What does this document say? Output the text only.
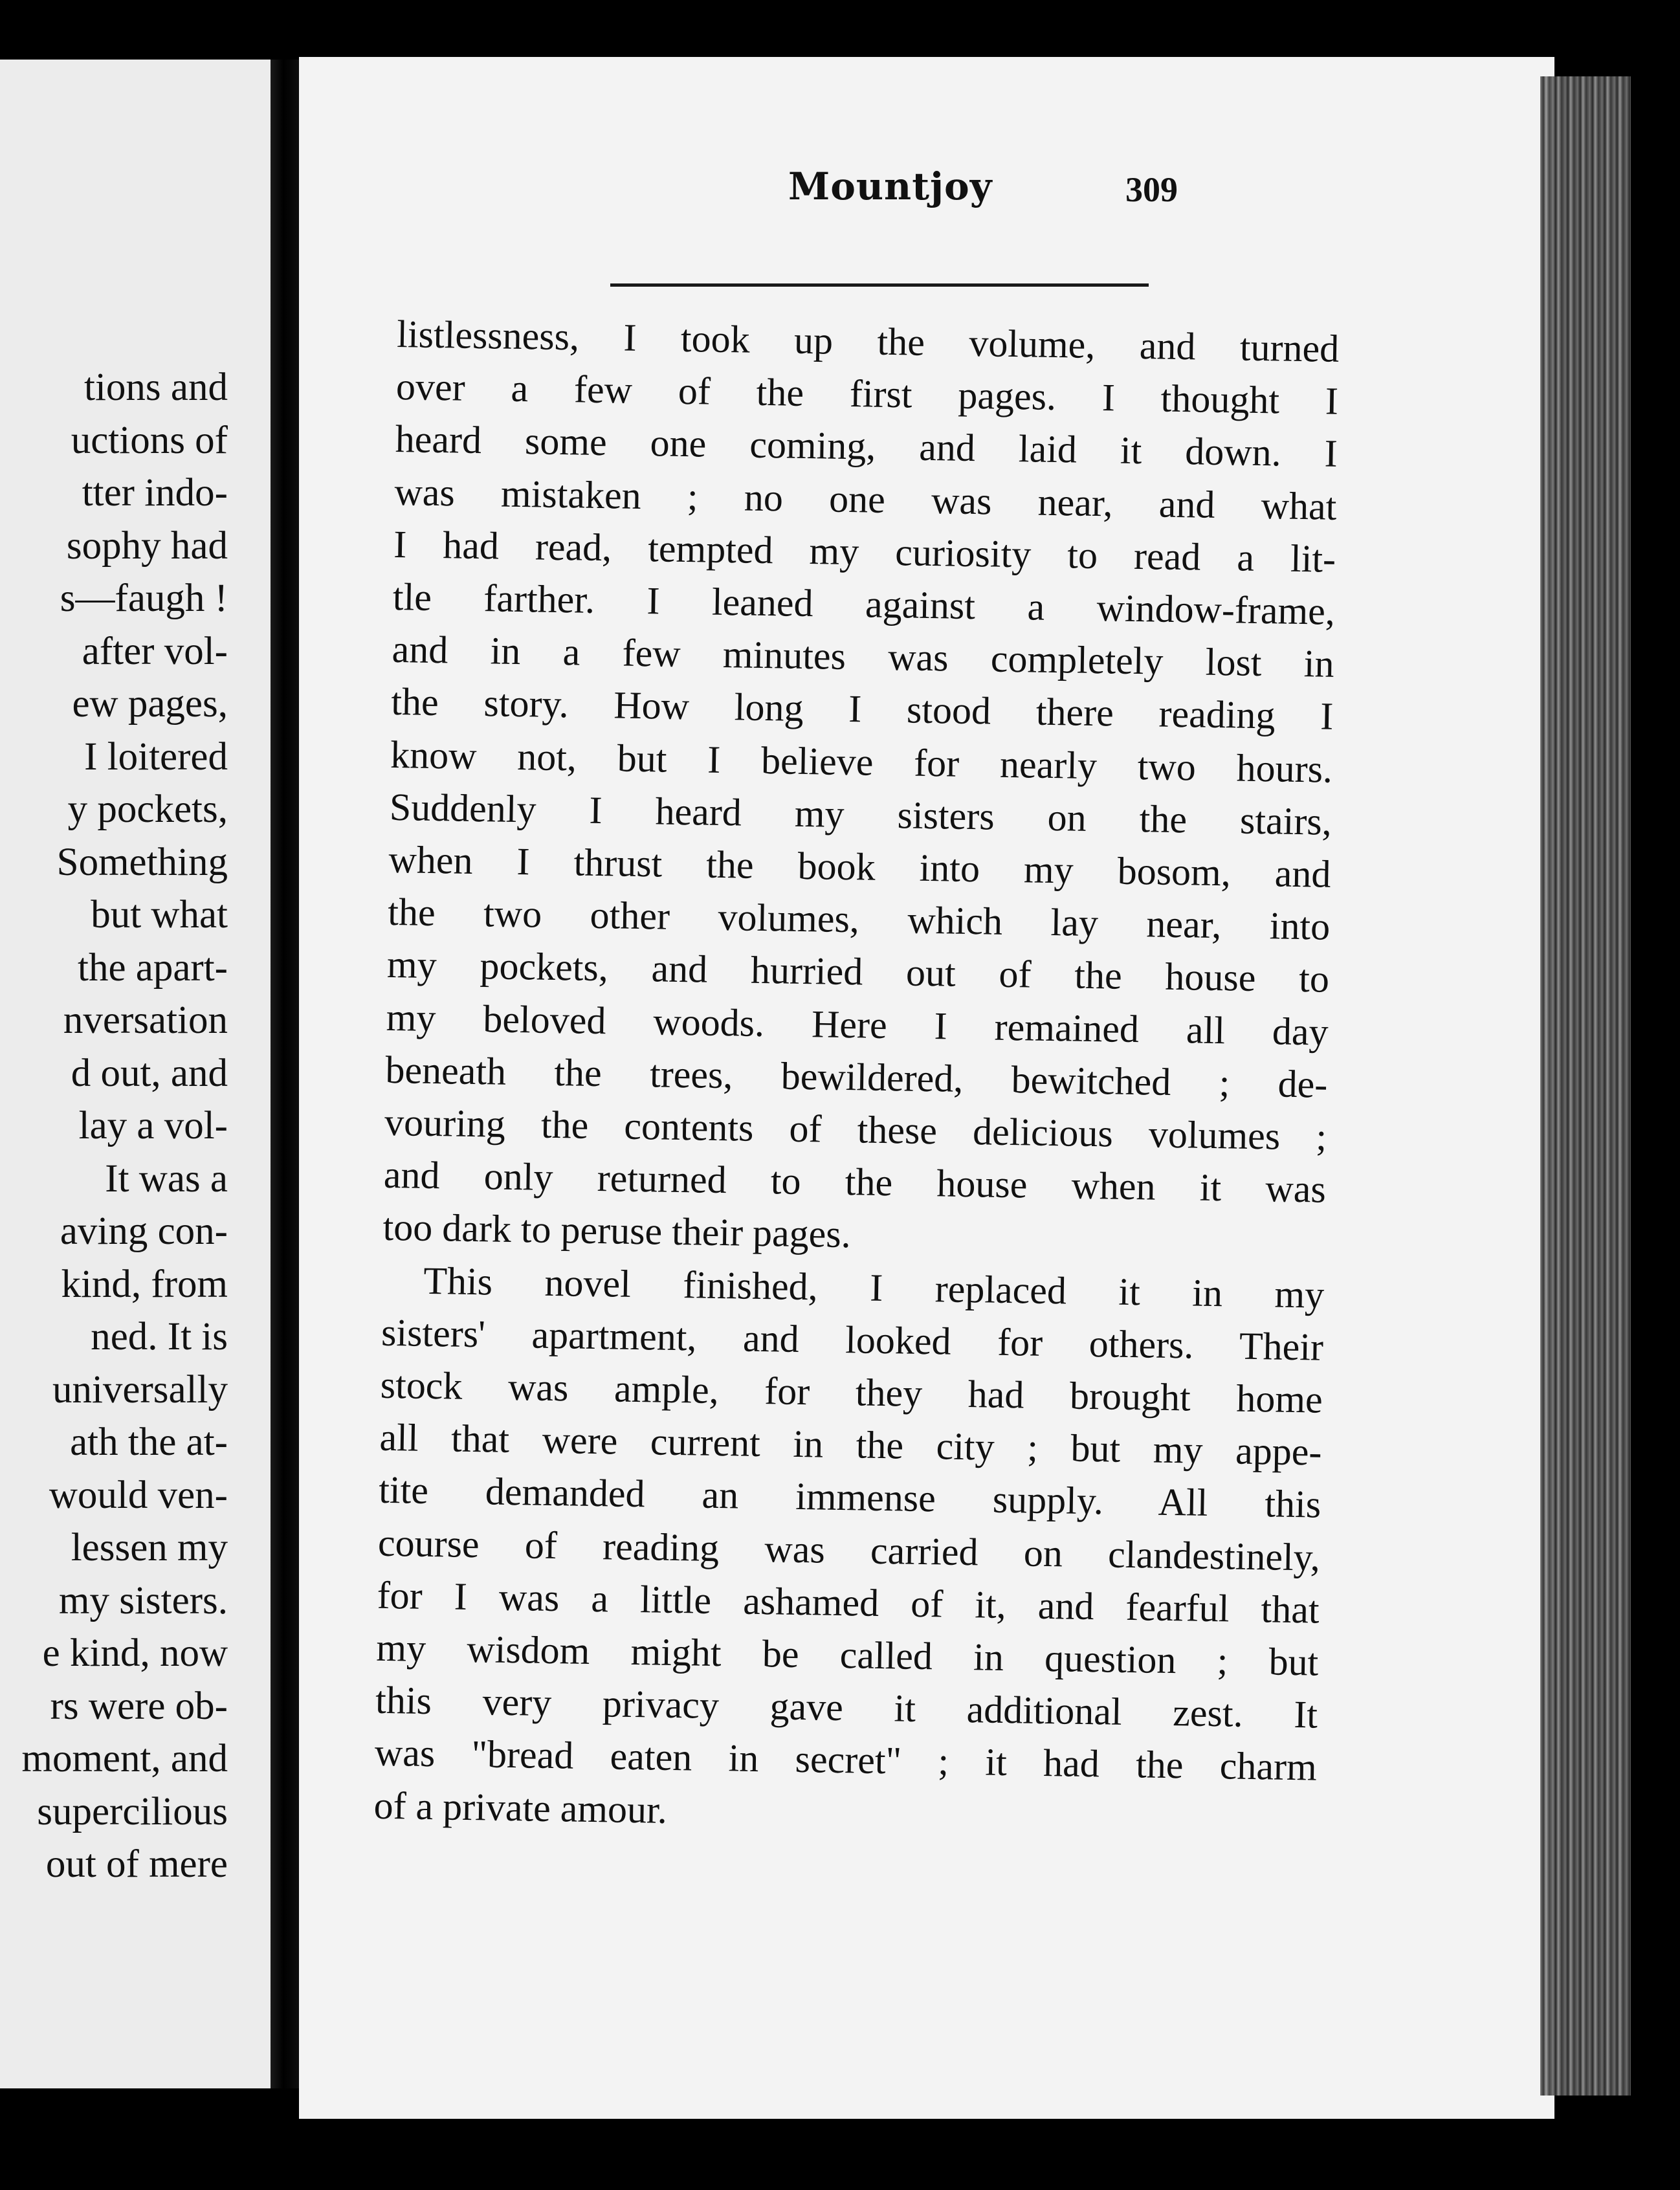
tions and
uctions of
tter indo-
sophy had
s—faugh !
after vol-
ew pages,
I loitered
y pockets,
Something
but what
the apart-
nversation
d out, and
lay a vol-
It was a
aving con-
kind, from
ned. It is
universally
ath the at-
would ven-
lessen my
my sisters.
e kind, now
rs were ob-
moment, and
supercilious
out of mere
Mountjoy	309
listlessness, I took up the volume, and turned
over a few of the first pages. I thought I
heard some one coming, and laid it down. I
was mistaken ; no one was near, and what
I had read, tempted my curiosity to read a lit-
tle farther. I leaned against a window-frame,
and in a few minutes was completely lost in
the story. How long I stood there reading I
know not, but I believe for nearly two hours.
Suddenly I heard my sisters on the stairs,
when I thrust the book into my bosom, and
the two other volumes, which lay near, into
my pockets, and hurried out of the house to
my beloved woods. Here I remained all day
beneath the trees, bewildered, bewitched ; de-
vouring the contents of these delicious volumes ;
and only returned to the house when it was
too dark to peruse their pages.
This novel finished, I replaced it in my
sisters' apartment, and looked for others. Their
stock was ample, for they had brought home
all that were current in the city ; but my appe-
tite demanded an immense supply. All this
course of reading was carried on clandestinely,
for I was a little ashamed of it, and fearful that
my wisdom might be called in question ; but
this very privacy gave it additional zest. It
was "bread eaten in secret" ; it had the charm
of a private amour.
